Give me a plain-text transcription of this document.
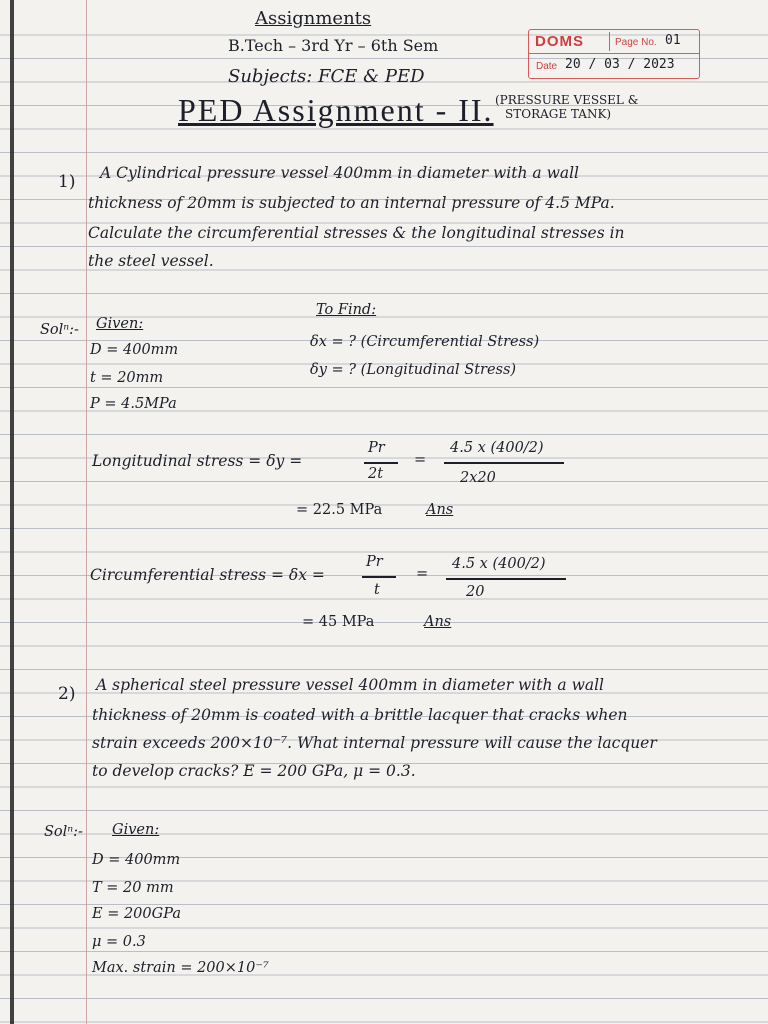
Assignments
B.Tech – 3rd Yr – 6th Sem
Subjects: FCE & PED
PED Assignment - II. (PRESSURE VESSEL &
STORAGE TANK)
DOMS	Page No. 01
Date 20 / 03 / 2023
1) A Cylindrical pressure vessel 400mm in diameter with a wall
thickness of 20mm is subjected to an internal pressure of 4.5 MPa.
Calculate the circumferential stresses & the longitudinal stresses in
the steel vessel.
Solⁿ:- Given:
D = 400mm
t = 20mm
P = 4.5MPa
To Find:
δx = ? (Circumferential Stress)
δy = ? (Longitudinal Stress)
Longitudinal stress = δy =
Pr
2t
=
4.5 x (400/2)
2x20
= 22.5 MPa	Ans
Circumferential stress = δx =
Pr
t
=
4.5 x (400/2)
20
= 45 MPa	Ans
2) A spherical steel pressure vessel 400mm in diameter with a wall
thickness of 20mm is coated with a brittle lacquer that cracks when
strain exceeds 200×10⁻⁷. What internal pressure will cause the lacquer
to develop cracks? E = 200 GPa, μ = 0.3.
Solⁿ:- Given:
D = 400mm
T = 20 mm
E = 200GPa
μ = 0.3
Max. strain = 200×10⁻⁷
